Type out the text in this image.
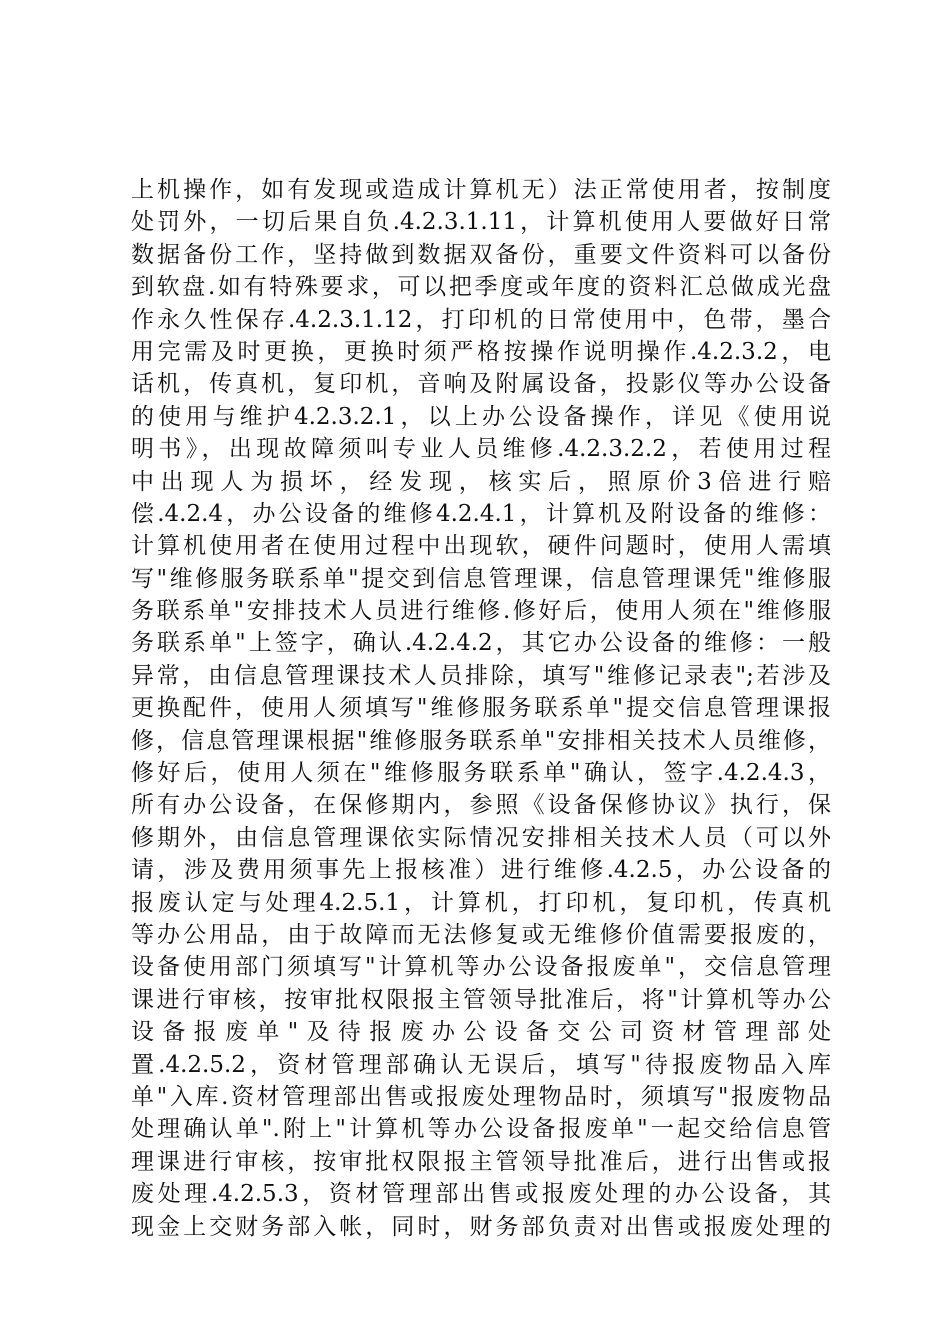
上机操作，如有发现或造成计算机无）法正常使用者，按制度
处罚外，一切后果自负.4.2.3.1.11，计算机使用人要做好日常
数据备份工作，坚持做到数据双备份，重要文件资料可以备份
到软盘.如有特殊要求，可以把季度或年度的资料汇总做成光盘
作永久性保存.4.2.3.1.12，打印机的日常使用中，色带，墨合
用完需及时更换，更换时须严格按操作说明操作.4.2.3.2，电
话机，传真机，复印机，音响及附属设备，投影仪等办公设备
的使用与维护4.2.3.2.1，以上办公设备操作，详见《使用说
明书》，出现故障须叫专业人员维修.4.2.3.2.2，若使用过程
中出现人为损坏，经发现，核实后，照原价3倍进行赔
偿.4.2.4，办公设备的维修4.2.4.1，计算机及附设备的维修：
计算机使用者在使用过程中出现软，硬件问题时，使用人需填
写"维修服务联系单"提交到信息管理课，信息管理课凭"维修服
务联系单"安排技术人员进行维修.修好后，使用人须在"维修服
务联系单"上签字，确认.4.2.4.2，其它办公设备的维修：一般
异常，由信息管理课技术人员排除，填写"维修记录表";若涉及
更换配件，使用人须填写"维修服务联系单"提交信息管理课报
修，信息管理课根据"维修服务联系单"安排相关技术人员维修，
修好后，使用人须在"维修服务联系单"确认，签字.4.2.4.3，
所有办公设备，在保修期内，参照《设备保修协议》执行，保
修期外，由信息管理课依实际情况安排相关技术人员（可以外
请，涉及费用须事先上报核准）进行维修.4.2.5，办公设备的
报废认定与处理4.2.5.1，计算机，打印机，复印机，传真机
等办公用品，由于故障而无法修复或无维修价值需要报废的，
设备使用部门须填写"计算机等办公设备报废单"，交信息管理
课进行审核，按审批权限报主管领导批准后，将"计算机等办公
设备报废单"及待报废办公设备交公司资材管理部处
置.4.2.5.2，资材管理部确认无误后，填写"待报废物品入库
单"入库.资材管理部出售或报废处理物品时，须填写"报废物品
处理确认单".附上"计算机等办公设备报废单"一起交给信息管
理课进行审核，按审批权限报主管领导批准后，进行出售或报
废处理.4.2.5.3，资材管理部出售或报废处理的办公设备，其
现金上交财务部入帐，同时，财务部负责对出售或报废处理的
